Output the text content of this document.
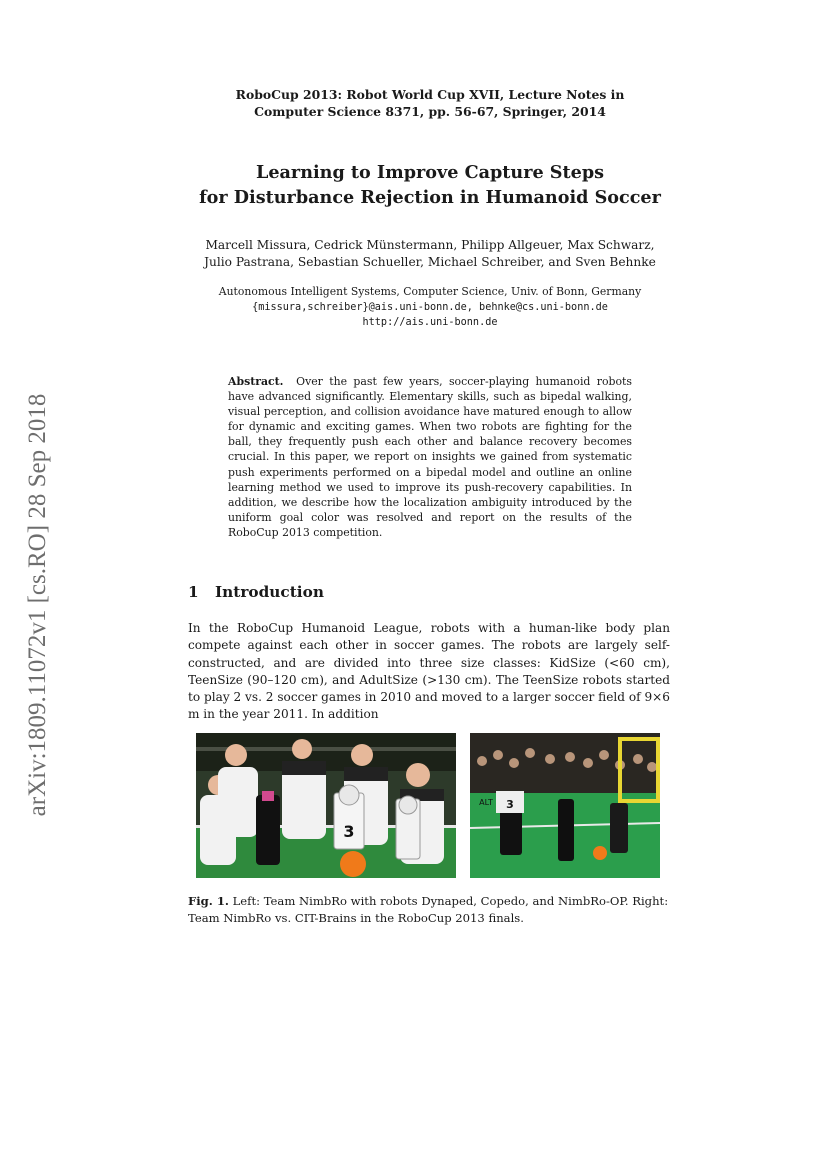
arXiv:1809.11072v1 [cs.RO] 28 Sep 2018
RoboCup 2013: Robot World Cup XVII, Lecture Notes in
Computer Science 8371, pp. 56-67, Springer, 2014
Learning to Improve Capture Steps
for Disturbance Rejection in Humanoid Soccer
Marcell Missura, Cedrick Münstermann, Philipp Allgeuer, Max Schwarz,
Julio Pastrana, Sebastian Schueller, Michael Schreiber, and Sven Behnke
Autonomous Intelligent Systems, Computer Science, Univ. of Bonn, Germany
{missura,schreiber}@ais.uni-bonn.de, behnke@cs.uni-bonn.de
http://ais.uni-bonn.de
Abstract. Over the past few years, soccer-playing humanoid robots have advanced significantly. Elementary skills, such as bipedal walking, visual perception, and collision avoidance have matured enough to allow for dynamic and exciting games. When two robots are fighting for the ball, they frequently push each other and balance recovery becomes crucial. In this paper, we report on insights we gained from systematic push experiments performed on a bipedal model and outline an online learning method we used to improve its push-recovery capabilities. In addition, we describe how the localization ambiguity introduced by the uniform goal color was resolved and report on the results of the RoboCup 2013 competition.
1 Introduction
In the RoboCup Humanoid League, robots with a human-like body plan compete against each other in soccer games. The robots are largely self-constructed, and are divided into three size classes: KidSize (<60 cm), TeenSize (90–120 cm), and AdultSize (>130 cm). The TeenSize robots started to play 2 vs. 2 soccer games in 2010 and moved to a larger soccer field of 9×6 m in the year 2011. In addition
3
3
ALT
Fig. 1. Left: Team NimbRo with robots Dynaped, Copedo, and NimbRo-OP. Right: Team NimbRo vs. CIT-Brains in the RoboCup 2013 finals.
